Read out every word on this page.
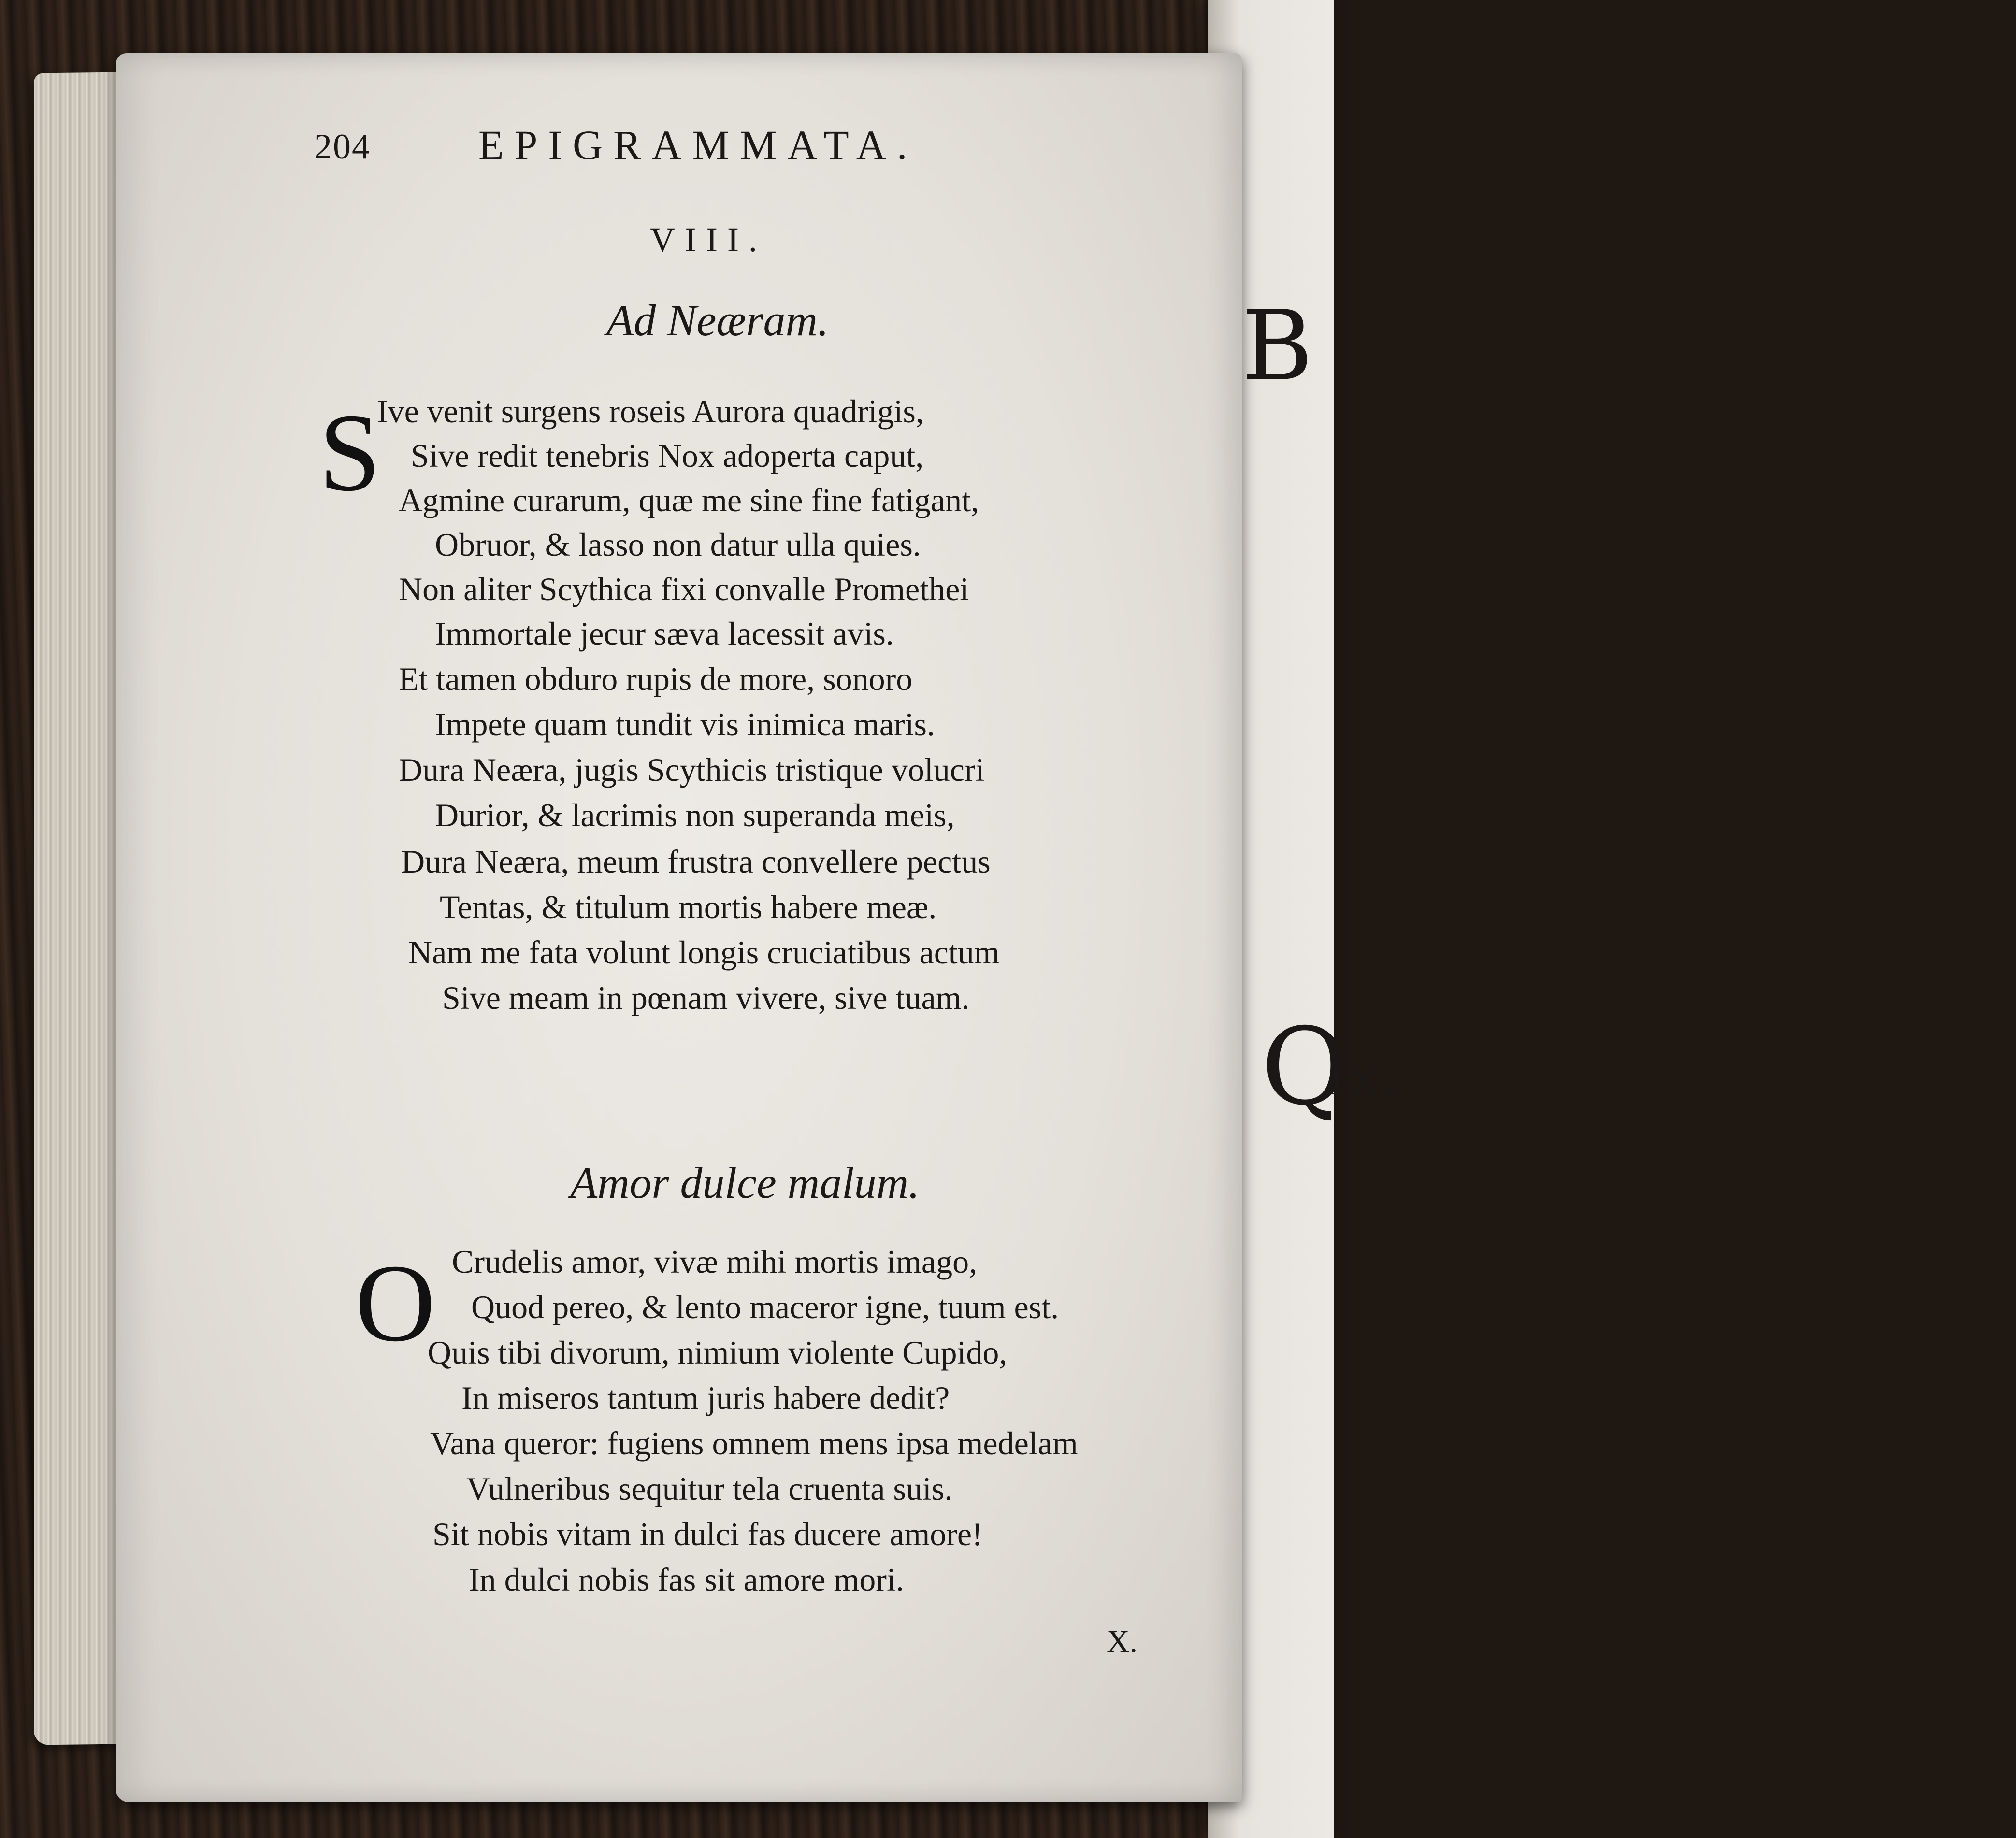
B
Q
204	EPIGRAMMATA.
VIII.
Ad Neæram.
S
Ive venit surgens roseis Aurora quadrigis,
Sive redit tenebris Nox adoperta caput,
Agmine curarum, quæ me sine fine fatigant,
Obruor, & lasso non datur ulla quies.
Non aliter Scythica fixi convalle Promethei
Immortale jecur sæva lacessit avis.
Et tamen obduro rupis de more, sonoro
Impete quam tundit vis inimica maris.
Dura Neæra, jugis Scythicis tristique volucri
Durior, & lacrimis non superanda meis,
Dura Neæra, meum frustra convellere pectus
Tentas, & titulum mortis habere meæ.
Nam me fata volunt longis cruciatibus actum
Sive meam in pœnam vivere, sive tuam.
IX.
Amor dulce malum.
O Crudelis amor, vivæ mihi mortis imago,
Quod pereo, & lento maceror igne, tuum est.
Quis tibi divorum, nimium violente Cupido,
In miseros tantum juris habere dedit?
Vana queror: fugiens omnem mens ipsa medelam
Vulneribus sequitur tela cruenta suis.
Sit nobis vitam in dulci fas ducere amore!
In dulci nobis fas sit amore mori.
X.
